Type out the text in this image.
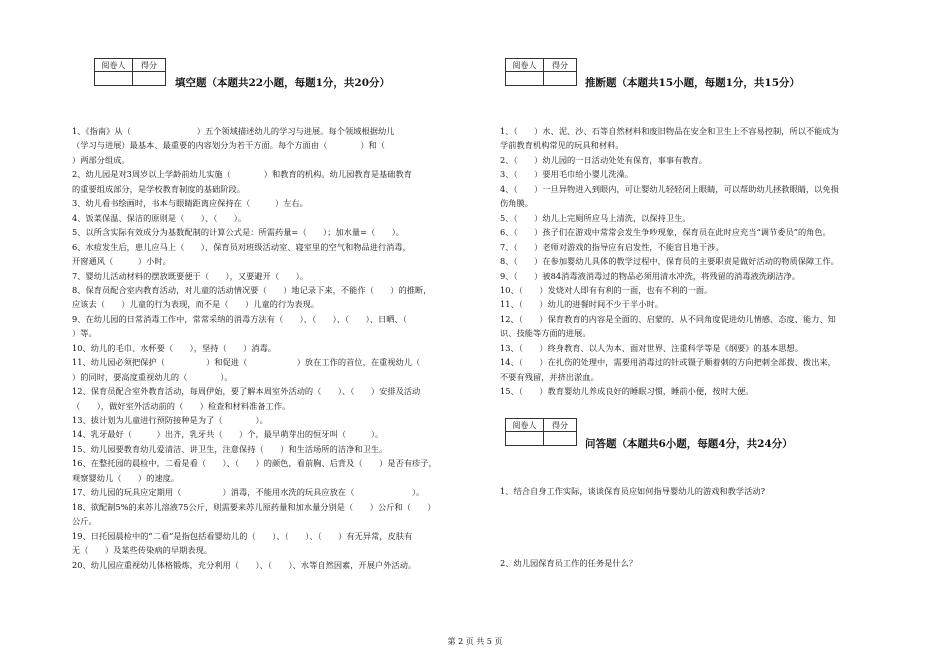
阅卷人	得分

填空题（本题共22小题，每题1分，共20分）
1、《指南》从（　　　　　　　　）五个领域描述幼儿的学习与进展。每个领域根据幼儿
（学习与进展）最基本、最重要的内容划分为若干方面。每个方面由（　　　　）和（
）两部分组成。
2、幼儿园是对3周岁以上学龄前幼儿实施（　　　　）和教育的机构。幼儿园教育是基础教育
的重要组成部分，是学校教育制度的基础阶段。
3、幼儿看书绘画时，书本与眼睛距离应保持在（　　　）左右。
4、饭菜保温、保洁的原则是（　　）、（　　）。
5、以所含实际有效成分为基数配制的计算公式是：所需药量=（　　）；加水量=（　　）。
6、水痘发生后，患儿应马上（　　），保育员对班级活动室、寝室里的空气和物品进行消毒，
开窗通风（　　　）小时。
7、婴幼儿活动材料的摆放既要便于（　　），又要避开（　　）。
8、保育员配合室内教育活动，对儿童的活动情况要（　　）地记录下来，不能作（　　）的推断，
应该去（　　）儿童的行为表现，而不是（　　）儿童的行为表现。
9、在幼儿园的日常消毒工作中，常常采纳的消毒方法有（　　）、（　　）、（　　）、日晒、（　　
）等。
10、幼儿的毛巾、水杯要（　　），坚持（　　）消毒。
11、幼儿园必须把保护（　　　　　）和促进（　　　　　　）放在工作的首位，在重视幼儿（
）的同时，要高度重视幼儿的（　　　　）。
12、保育员配合室外教育活动，每周伊始，要了解本周室外活动的（　　）、（　　）安排及活动
（　　），做好室外活动前的（　　）检查和材料准备工作。
13、拔计划为儿童进行预防接种是为了（　　　　）。
14、乳牙最好（　　　）出齐，乳牙共（　　）个，最早萌芽出的恒牙叫（　　　）。
15、幼儿园要教育幼儿爱清洁、讲卫生，注意保持（　　）和生活场所的洁净和卫生。
16、在整托园的晨检中，二看是看（　　）、（　　）的颜色，看前胸、后背及（　　）是否有疹子，
观察婴幼儿（　　）的速度。
17、幼儿园的玩具应定期用（　　　　　）消毒，不能用水洗的玩具应放在（　　　　　　　）。
18、欲配制5%的来苏儿溶液75公斤，则需要来苏儿原药量和加水量分别是（　　）公斤和（　　）
公斤。
19、日托园晨检中的“二看”是指包括看婴幼儿的（　　）、（　　）、（　　）有无异常，皮肤有
无（　　）及某些传染病的早期表现。
20、幼儿园应重视幼儿体格锻炼，充分利用（　　）、（　　）、水等自然因素，开展户外活动。
阅卷人	得分

推断题（本题共15小题，每题1分，共15分）
1、（　　）水、泥、沙、石等自然材料和废旧物品在安全和卫生上不容易控制，所以不能成为
学前教育机构常见的玩具和材料。
2、（　　）幼儿园的一日活动处处有保育，事事有教育。
3、（　　）要用毛巾给小婴儿洗澡。
4、（　　）一旦异物进入到眼内，可让婴幼儿轻轻闭上眼睛，可以帮助幼儿拯救眼睛，以免损
伤角膜。
5、（　　）幼儿上完厕所应马上清洗，以保持卫生。
6、（　　）孩子们在游戏中常常会发生争吵现象，保育员在此时应充当“调节委员”的角色。
7、（　　）老师对游戏的指导应有启发性，不能盲目地干涉。
8、（　　）在参加婴幼儿具体的教学过程中，保育员的主要职责是做好活动的物质保障工作。
9、（　　）被84消毒液消毒过的物品必须用清水冲洗，将残留的消毒液洗刷洁净。
10、（　　）发烧对人即有有利的一面，也有不利的一面。
11、（　　）幼儿的进餐时间不少于半小时。
12、（　　）保育教育的内容是全面的、启蒙的、从不同角度促进幼儿情感、态度、能力、知
识、技能等方面的进展。
13、（　　）终身教育、以人为本、面对世界、注重科学等是《纲要》的基本思想。
14、（　　）在扎伤的处理中，需要用消毒过的针或镊子顺着刺的方向把刺全部拨、拨出来，
不要有残留，并挤出淤血。
15、（　　）教育婴幼儿养成良好的睡眠习惯，睡前小便，按时大便。
阅卷人	得分

问答题（本题共6小题，每题4分，共24分）
1、结合自身工作实际，谈谈保育员应如何指导婴幼儿的游戏和教学活动?
2、幼儿园保育员工作的任务是什么？
第 2 页 共 5 页
